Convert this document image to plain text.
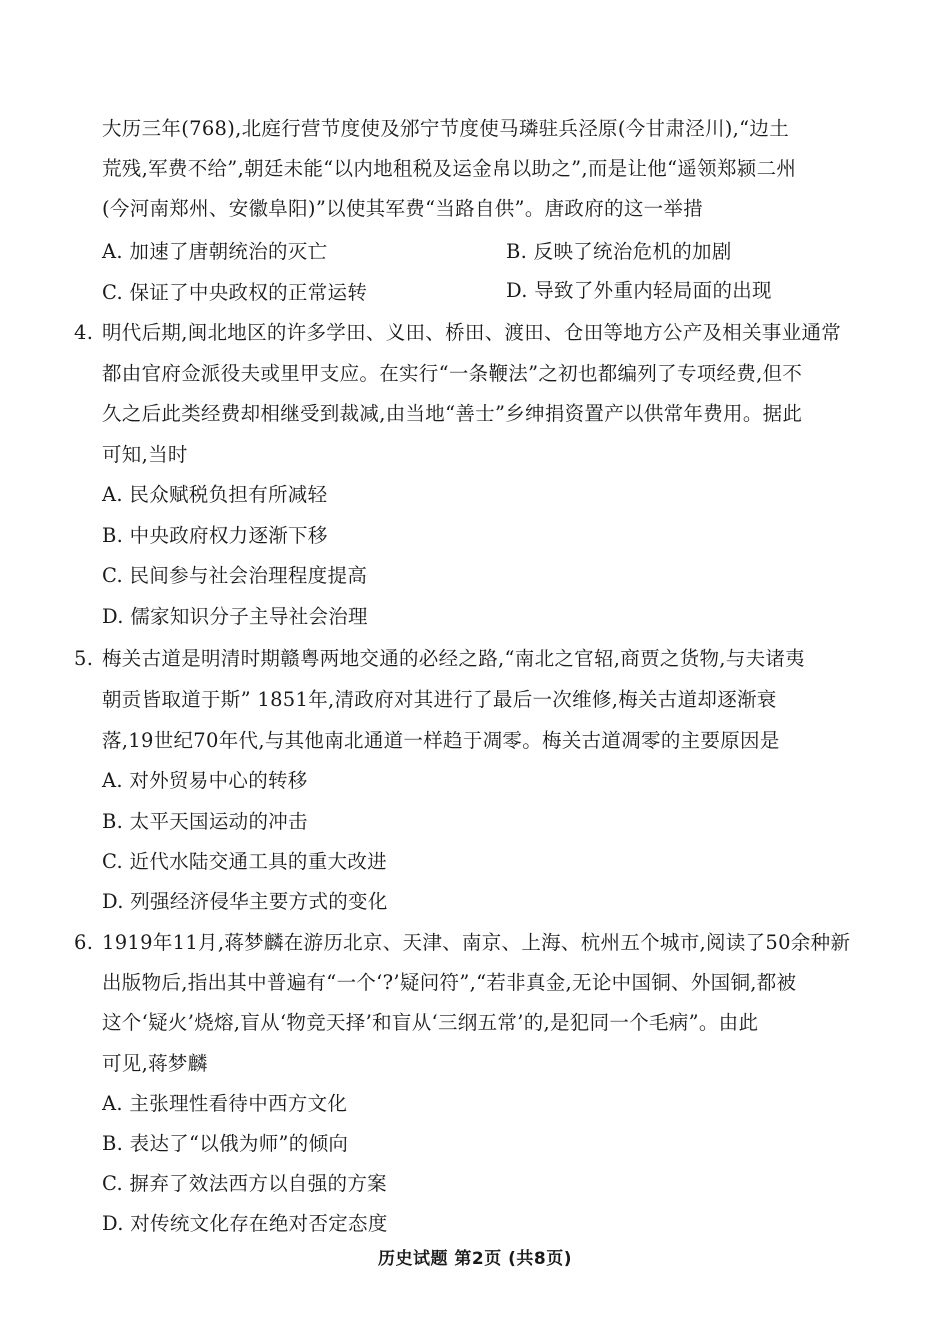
大历三年(768),北庭行营节度使及邠宁节度使马璘驻兵泾原(今甘肃泾川),“边土
荒残,军费不给”,朝廷未能“以内地租税及运金帛以助之”,而是让他“遥领郑颍二州
(今河南郑州、安徽阜阳)”以使其军费“当路自供”。唐政府的这一举措
A. 加速了唐朝统治的灭亡	B. 反映了统治危机的加剧
C. 保证了中央政权的正常运转	D. 导致了外重内轻局面的出现
4. 明代后期,闽北地区的许多学田、义田、桥田、渡田、仓田等地方公产及相关事业通常
都由官府佥派役夫或里甲支应。在实行“一条鞭法”之初也都编列了专项经费,但不
久之后此类经费却相继受到裁减,由当地“善士”乡绅捐资置产以供常年费用。据此
可知,当时
A. 民众赋税负担有所减轻
B. 中央政府权力逐渐下移
C. 民间参与社会治理程度提高
D. 儒家知识分子主导社会治理
5. 梅关古道是明清时期赣粤两地交通的必经之路,“南北之官轺,商贾之货物,与夫诸夷
朝贡皆取道于斯” 1851年,清政府对其进行了最后一次维修,梅关古道却逐渐衰
落,19世纪70年代,与其他南北通道一样趋于凋零。梅关古道凋零的主要原因是
A. 对外贸易中心的转移
B. 太平天国运动的冲击
C. 近代水陆交通工具的重大改进
D. 列强经济侵华主要方式的变化
6. 1919年11月,蒋梦麟在游历北京、天津、南京、上海、杭州五个城市,阅读了50余种新
出版物后,指出其中普遍有“一个‘?’疑问符”,“若非真金,无论中国铜、外国铜,都被
这个‘疑火’烧熔,盲从‘物竞天择’和盲从‘三纲五常’的,是犯同一个毛病”。由此
可见,蒋梦麟
A. 主张理性看待中西方文化
B. 表达了“以俄为师”的倾向
C. 摒弃了效法西方以自强的方案
D. 对传统文化存在绝对否定态度
历史试题 第2页 (共8页)
